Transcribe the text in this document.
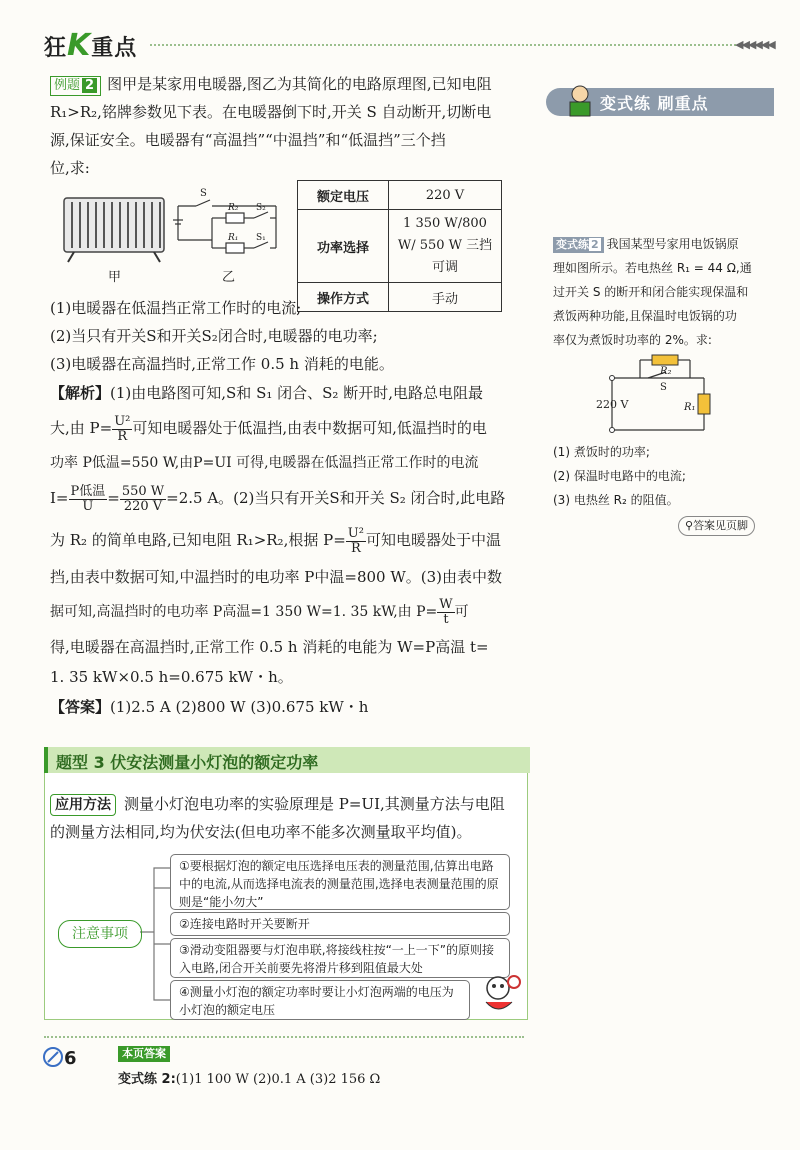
狂K重点	◀◀◀◀◀◀
例题 2 图甲是某家用电暖器,图乙为其简化的电路原理图,已知电阻
R₁>R₂,铭牌参数见下表。在电暖器倒下时,开关 S 自动断开,切断电
源,保证安全。电暖器有“高温挡”“中温挡”和“低温挡”三个挡
位,求:
甲
S
R₂ S₂
R₁ S₁
乙
额定电压	220 V
功率选择	1 350 W/800 W/ 550 W 三挡可调
操作方式	手动
(1)电暖器在低温挡正常工作时的电流;
(2)当只有开关S和开关S₂闭合时,电暖器的电功率;
(3)电暖器在高温挡时,正常工作 0.5 h 消耗的电能。
【解析】(1)由电路图可知,S和 S₁ 闭合、S₂ 断开时,电路总电阻最
大,由 $P= \frac{\text{U²}}{R}$ 可知电暖器处于低温挡,由表中数据可知,低温挡时的电
功率 P低温=550 W,由P=UI 可得,电暖器在低温挡正常工作时的电流
$I= \frac{\text{P低温}}{U} = \frac{550 W}{220 V} =2.5$ A。(2)当只有开关S和开关 S₂ 闭合时,此电路
为 R₂ 的简单电路,已知电阻 R₁>R₂,根据 $P= \frac{\text{U²}}{R}$ 可知电暖器处于中温
挡,由表中数据可知,中温挡时的电功率 P中温=800 W。(3)由表中数
据可知,高温挡时的电功率 P高温=1 350 W=1. 35 kW,由 $P= \frac{W}{t}$ 可
得,电暖器在高温挡时,正常工作 0.5 h 消耗的电能为 W=P高温 t=
1. 35 kW×0.5 h=0.675 kW・h。
【答案】(1)2.5 A (2)800 W (3)0.675 kW・h
题型 3 伏安法测量小灯泡的额定功率
应用方法 测量小灯泡电功率的实验原理是 P=UI,其测量方法与电阻
的测量方法相同,均为伏安法(但电功率不能多次测量取平均值)。
注意事项
①要根据灯泡的额定电压选择电压表的测量范围,估算出电路中的电流,从而选择电流表的测量范围,选择电表测量范围的原则是“能小勿大”
②连接电路时开关要断开
③滑动变阻器要与灯泡串联,将接线柱按“一上一下”的原则接入电路,闭合开关前要先将滑片移到阻值最大处
④测量小灯泡的额定功率时要让小灯泡两端的电压为小灯泡的额定电压
变式练 刷重点
变式练 2 我国某型号家用电饭锅原
理如图所示。若电热丝 R₁ = 44 Ω,通
过开关 S 的断开和闭合能实现保温和
煮饭两种功能,且保温时电饭锅的功
率仅为煮饭时功率的 2%。求:
R₂
S
220 V	R₁
(1) 煮饭时的功率;
(2) 保温时电路中的电流;
(3) 电热丝 R₂ 的阻值。
⚲答案见页脚
6	本页答案
变式练 2:(1)1 100 W (2)0.1 A (3)2 156 Ω
